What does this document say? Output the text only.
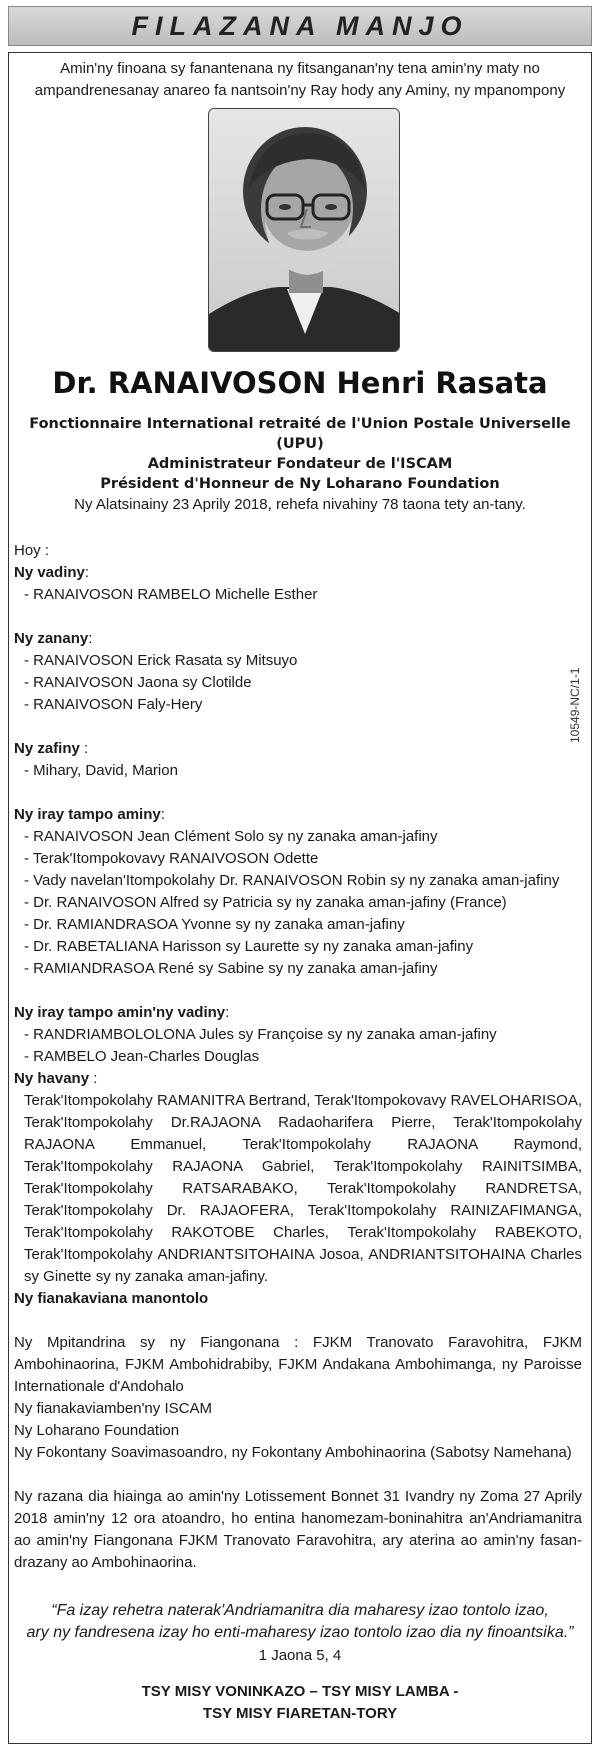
FILAZANA MANJO
Amin'ny finoana sy fanantenana ny fitsanganan'ny tena amin'ny maty no
ampandrenesanay anareo fa nantsoin'ny Ray hody any Aminy, ny mpanompony
Dr. RANAIVOSON Henri Rasata
Fonctionnaire International retraité de l'Union Postale Universelle (UPU)
Administrateur Fondateur de l'ISCAM
Président d'Honneur de Ny Loharano Foundation
Ny Alatsinainy 23 Aprily 2018, rehefa nivahiny 78 taona tety an-tany.
10549-NC/1-1
Hoy :
Ny vadiny:
- RANAIVOSON RAMBELO Michelle Esther
Ny zanany:
- RANAIVOSON Erick Rasata sy Mitsuyo
- RANAIVOSON Jaona sy Clotilde
- RANAIVOSON Faly-Hery
Ny zafiny :
- Mihary, David, Marion
Ny iray tampo aminy:
- RANAIVOSON Jean Clément Solo sy ny zanaka aman-jafiny
- Terak'Itompokovavy RANAIVOSON Odette
- Vady navelan'Itompokolahy Dr. RANAIVOSON Robin sy ny zanaka aman-jafiny
- Dr. RANAIVOSON Alfred sy Patricia sy ny zanaka aman-jafiny (France)
- Dr. RAMIANDRASOA Yvonne sy ny zanaka aman-jafiny
- Dr. RABETALIANA Harisson sy Laurette sy ny zanaka aman-jafiny
- RAMIANDRASOA René sy Sabine sy ny zanaka aman-jafiny
Ny iray tampo amin'ny vadiny:
- RANDRIAMBOLOLONA Jules sy Françoise sy ny zanaka aman-jafiny
- RAMBELO Jean-Charles Douglas
Ny havany :
Terak'Itompokolahy RAMANITRA Bertrand, Terak'Itompokovavy RAVELOHARISOA, Terak'Itompokolahy Dr.RAJAONA Radaoharifera Pierre, Terak'Itompokolahy RAJAONA Emmanuel, Terak'Itompokolahy RAJAONA Raymond, Terak'Itompokolahy RAJAONA Gabriel, Terak'Itompokolahy RAINITSIMBA, Terak'Itompokolahy RATSARABAKO, Terak'Itompokolahy RANDRETSA, Terak'Itompokolahy Dr. RAJAOFERA, Terak'Itompokolahy RAINIZAFIMANGA, Terak'Itompokolahy RAKOTOBE Charles, Terak'Itompokolahy RABEKOTO, Terak'Itompokolahy ANDRIANTSITOHAINA Josoa, ANDRIANTSITOHAINA Charles sy Ginette sy ny zanaka aman-jafiny.
Ny fianakaviana manontolo
Ny Mpitandrina sy ny Fiangonana : FJKM Tranovato Faravohitra, FJKM Ambohinaorina, FJKM Ambohidrabiby, FJKM Andakana Ambohimanga, ny Paroisse Internationale d'Andohalo
Ny fianakaviamben'ny ISCAM
Ny Loharano Foundation
Ny Fokontany Soavimasoandro, ny Fokontany Ambohinaorina (Sabotsy Namehana)
Ny razana dia hiainga ao amin'ny Lotissement Bonnet 31 Ivandry ny Zoma 27 Aprily 2018 amin'ny 12 ora atoandro, ho entina hanomezam-boninahitra an'Andriamanitra ao amin'ny Fiangonana FJKM Tranovato Faravohitra, ary aterina ao amin'ny fasan-drazany ao Ambohinaorina.
“Fa izay rehetra naterak'Andriamanitra dia maharesy izao tontolo izao,
ary ny fandresena izay ho enti-maharesy izao tontolo izao dia ny finoantsika.”
1 Jaona 5, 4
TSY MISY VONINKAZO – TSY MISY LAMBA -
TSY MISY FIARETAN-TORY
